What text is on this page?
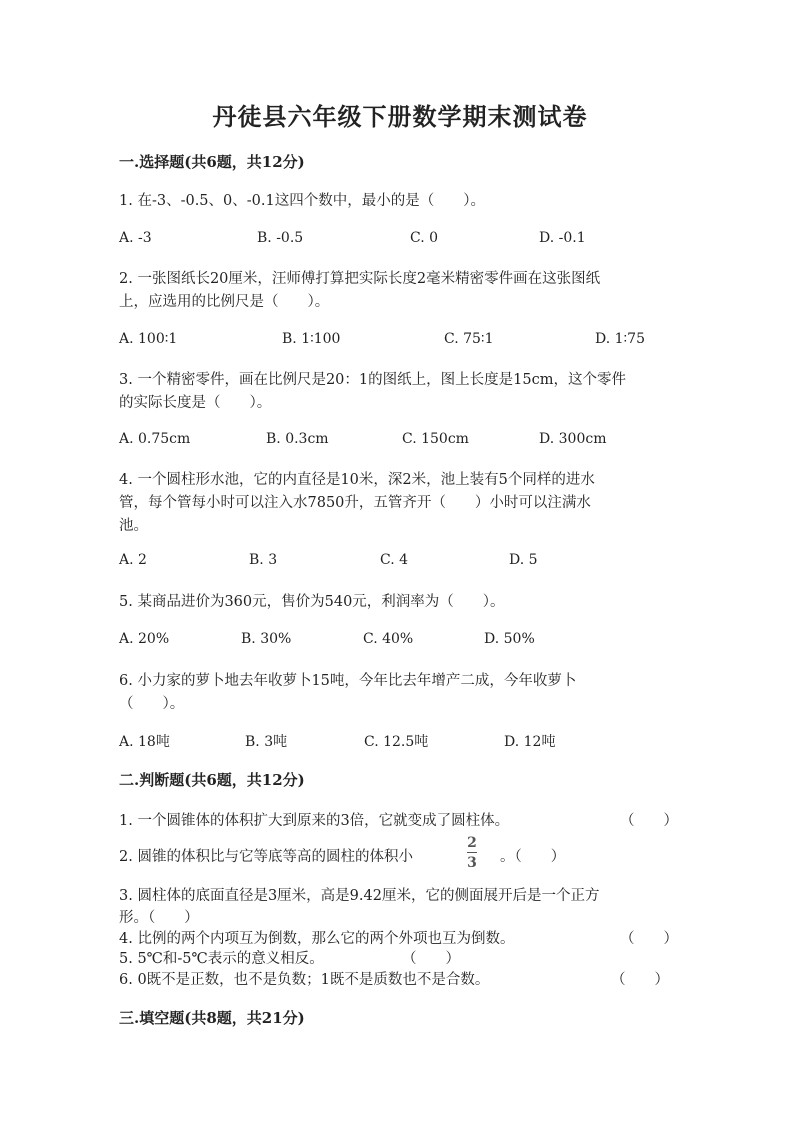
丹徒县六年级下册数学期末测试卷
一.选择题(共6题，共12分)
1. 在-3、-0.5、0、-0.1这四个数中，最小的是（　　）。
A. -3	B. -0.5	C. 0	D. -0.1
2. 一张图纸长20厘米，汪师傅打算把实际长度2毫米精密零件画在这张图纸
上，应选用的比例尺是（　　）。
A. 100∶1	B. 1∶100	C. 75∶1	D. 1∶75
3. 一个精密零件，画在比例尺是20：1的图纸上，图上长度是15cm，这个零件
的实际长度是（　　）。
A. 0.75cm	B. 0.3cm	C. 150cm	D. 300cm
4. 一个圆柱形水池，它的内直径是10米，深2米，池上装有5个同样的进水
管，每个管每小时可以注入水7850升，五管齐开（　　）小时可以注满水
池。
A. 2	B. 3	C. 4	D. 5
5. 某商品进价为360元，售价为540元，利润率为（　　）。
A. 20%	B. 30%	C. 40%	D. 50%
6. 小力家的萝卜地去年收萝卜15吨，今年比去年增产二成，今年收萝卜
（　　）。
A. 18吨	B. 3吨	C. 12.5吨	D. 12吨
二.判断题(共6题，共12分)
1. 一个圆锥体的体积扩大到原来的3倍，它就变成了圆柱体。	（　　）
2. 圆锥的体积比与它等底等高的圆柱的体积小
2
3 。（　　）
3. 圆柱体的底面直径是3厘米，高是9.42厘米，它的侧面展开后是一个正方
形。（　　）
4. 比例的两个内项互为倒数，那么它的两个外项也互为倒数。	（　　）
5. 5℃和-5℃表示的意义相反。	（　　）
6. 0既不是正数，也不是负数；1既不是质数也不是合数。	（　　）
三.填空题(共8题，共21分)
